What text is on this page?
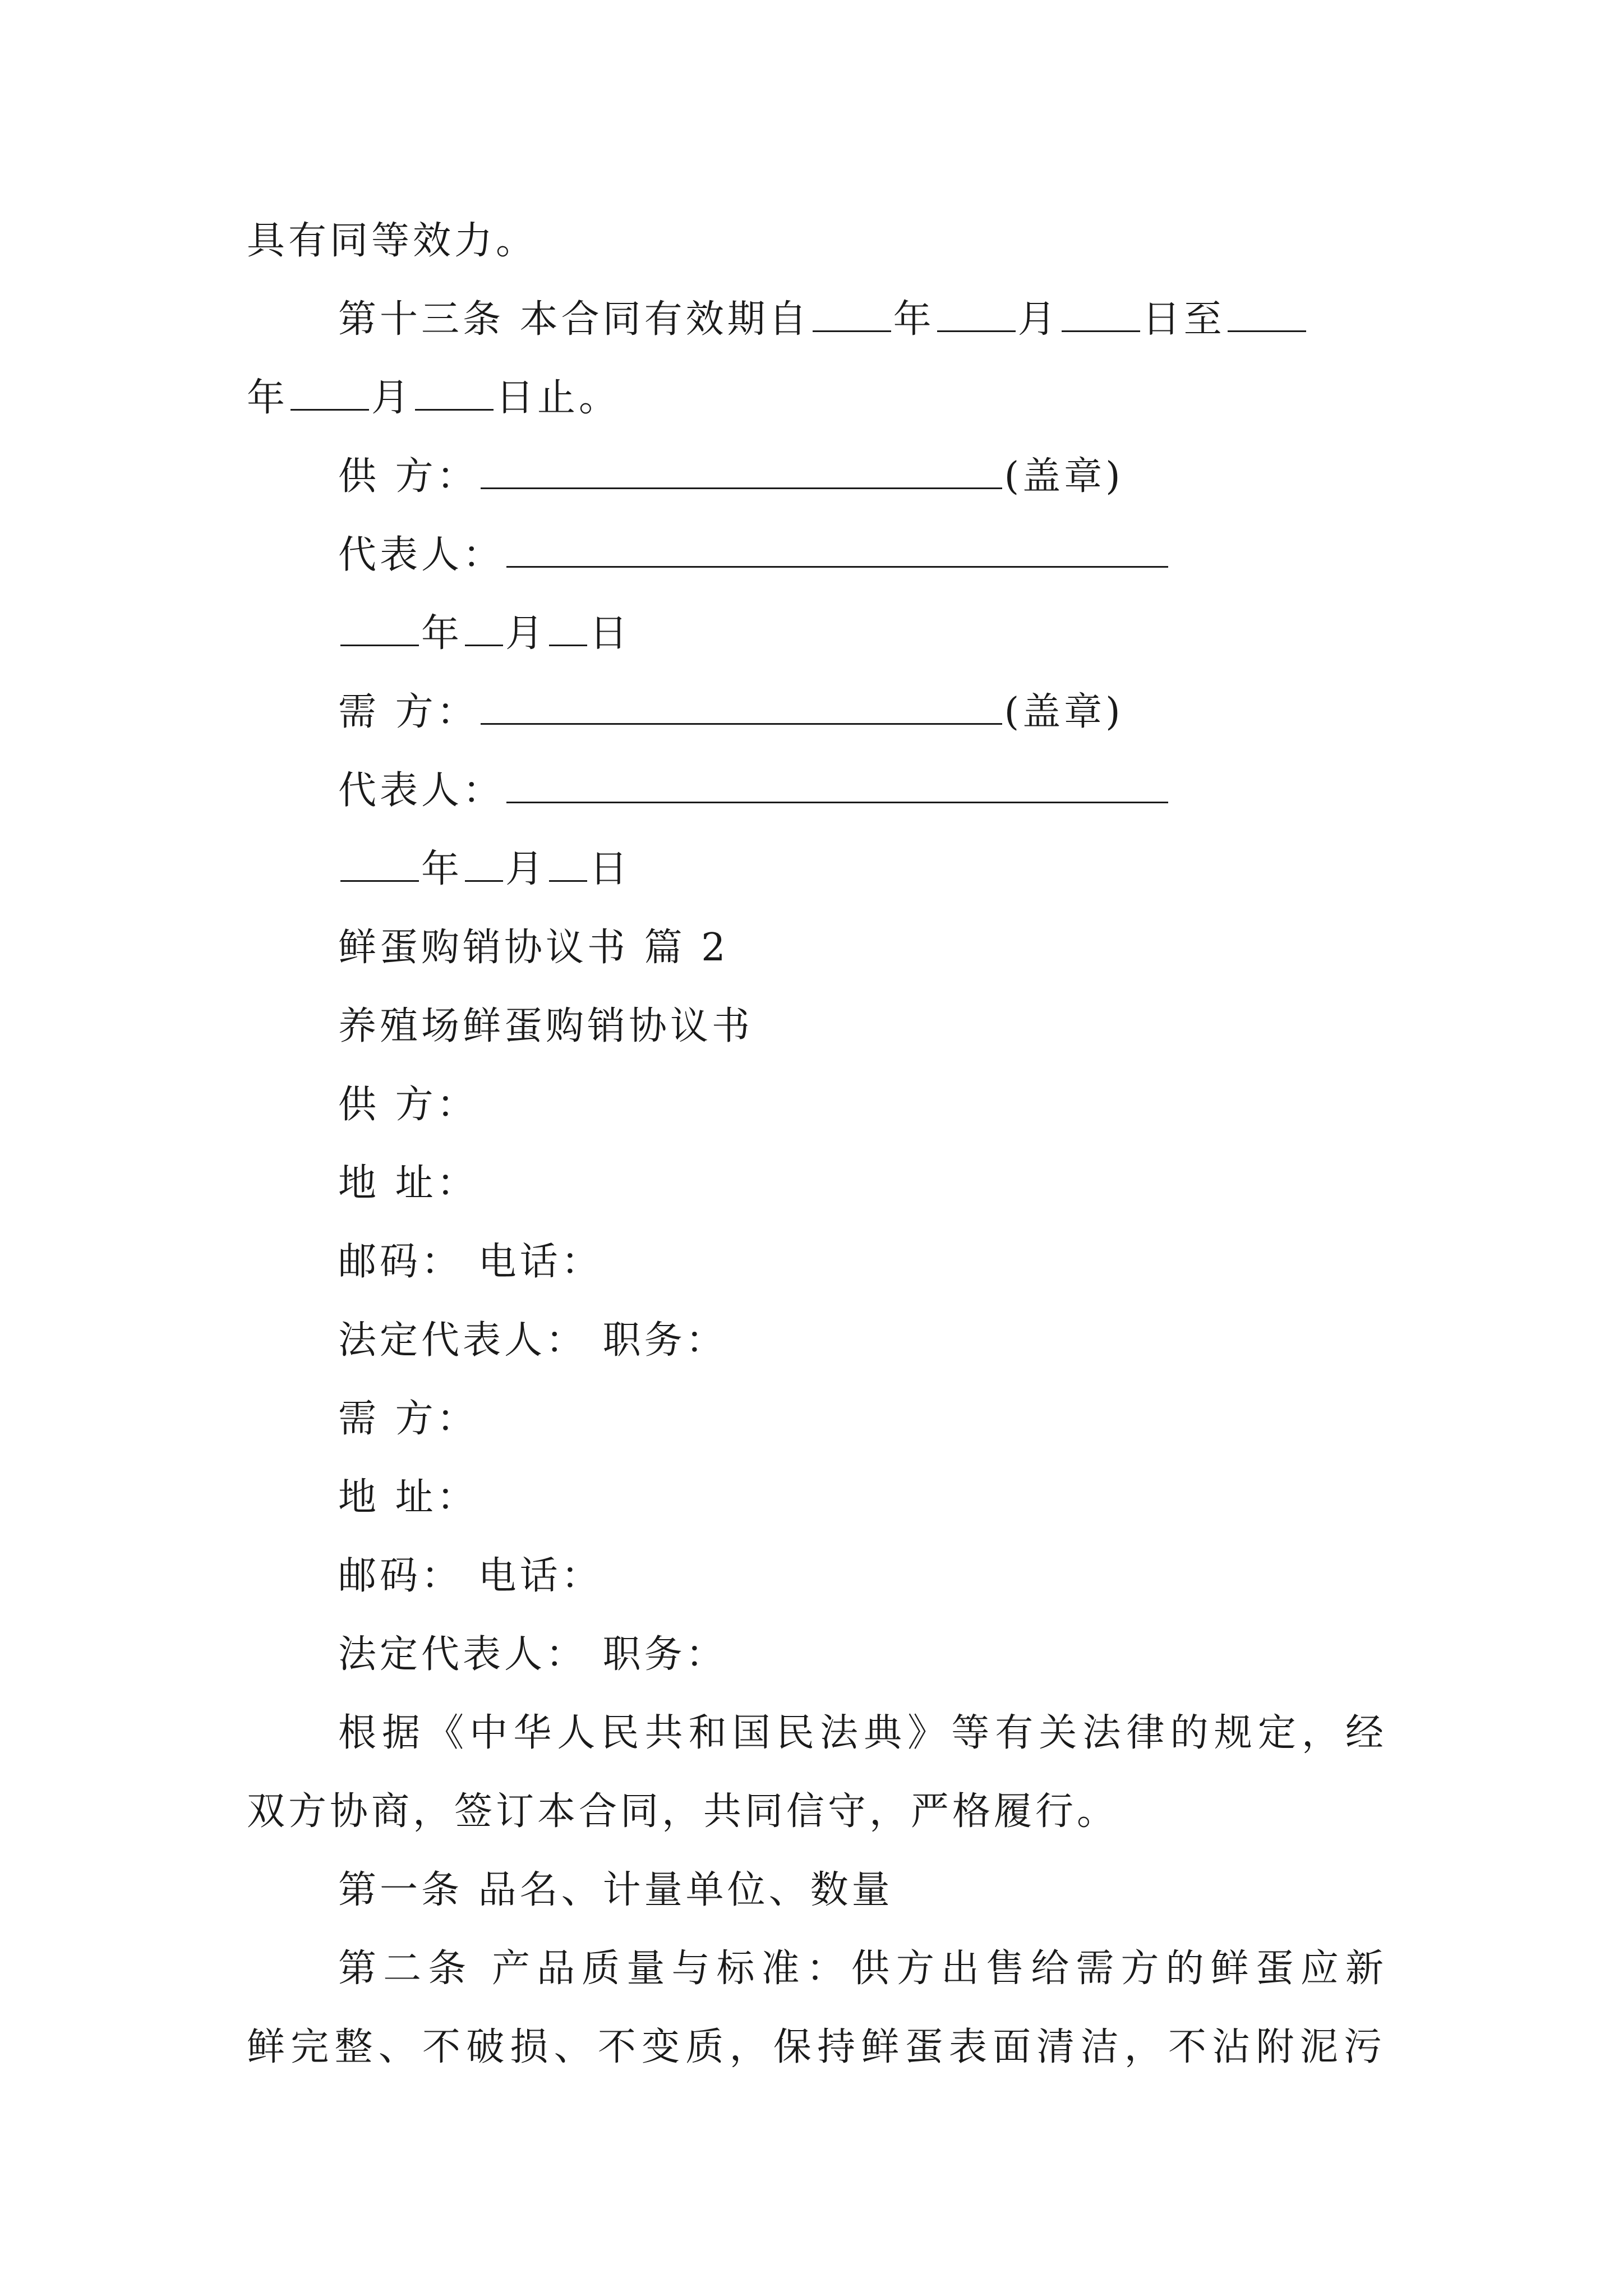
具有同等效力。
第十三条 本合同有效期自 年 月 日至
年 月 日止。
供 方：	(盖章)
代表人：
年 月 日
需 方：	(盖章)
代表人：
年 月 日
鲜蛋购销协议书 篇 2
养殖场鲜蛋购销协议书
供 方：
地 址：
邮码： 电话：
法定代表人： 职务：
需 方：
地 址：
邮码： 电话：
法定代表人： 职务：
根据《中华人民共和国民法典》等有关法律的规定，经
双方协商，签订本合同，共同信守，严格履行。
第一条 品名、计量单位、数量
第二条 产品质量与标准：供方出售给需方的鲜蛋应新
鲜完整、不破损、不变质，保持鲜蛋表面清洁，不沾附泥污
